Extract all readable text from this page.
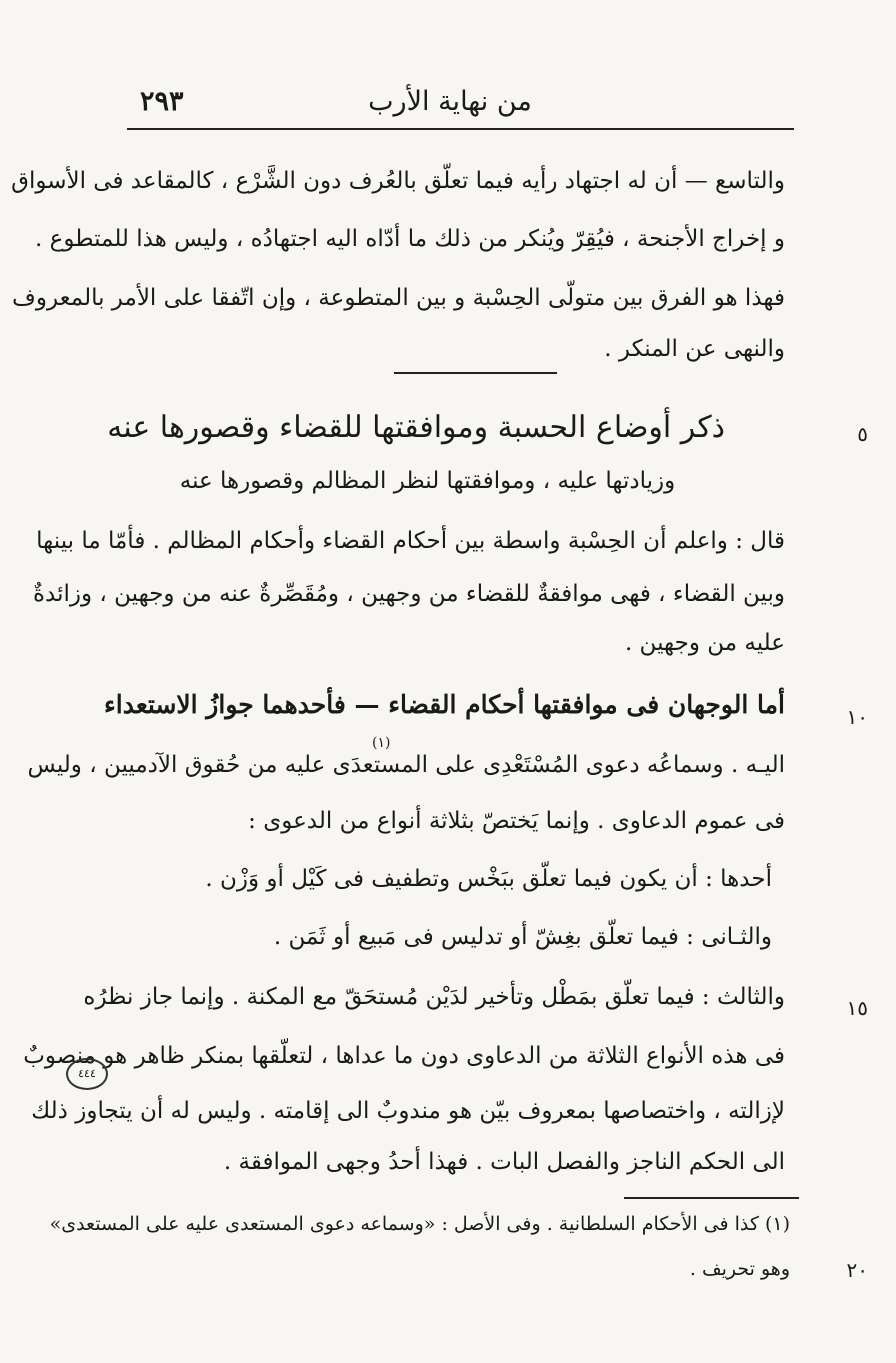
من نهاية الأرب
٢٩٣
والتاسع — أن له اجتهاد رأيه فيما تعلّق بالعُرف دون الشَّرْع ، كالمقاعد فى الأسواق
و إخراج الأجنحة ، فيُقِرّ ويُنكر من ذلك ما أدّاه اليه اجتهادُه ، وليس هذا للمتطوع .
فهذا هو الفرق بين متولّى الحِسْبة و بين المتطوعة ، وإن اتّفقا على الأمر بالمعروف
والنهى عن المنكر .
٥
ذكر أوضاع الحسبة وموافقتها للقضاء وقصورها عنه
وزيادتها عليه ، وموافقتها لنظر المظالم وقصورها عنه
قال : واعلم أن الحِسْبة واسطة بين أحكام القضاء وأحكام المظالم . فأمّا ما بينها
وبين القضاء ، فهى موافقةٌ للقضاء من وجهين ، ومُقَصِّرةٌ عنه من وجهين ، وزائدةٌ
عليه من وجهين .
١٠
أما الوجهان فى موافقتها أحكام القضاء — فأحدهما جوازُ الاستعداء
(١)
اليـه . وسماعُه دعوى المُسْتَعْدِى على المستعدَى عليه من حُقوق الآدميين ، وليس
فى عموم الدعاوى . وإنما يَختصّ بثلاثة أنواع من الدعوى :
أحدها : أن يكون فيما تعلّق ببَخْس وتطفيف فى كَيْل أو وَزْن .
والثـانى : فيما تعلّق بغِشّ أو تدليس فى مَبيع أو ثَمَن .
١٥
والثالث : فيما تعلّق بمَطْل وتأخير لدَيْن مُستحَقّ مع المكنة . وإنما جاز نظرُه
فى هذه الأنواع الثلاثة من الدعاوى دون ما عداها ، لتعلّقها بمنكر ظاهر هو منصوبٌ
لإزالته ، واختصاصها بمعروف بيّن هو مندوبٌ الى إقامته . وليس له أن يتجاوز ذلك
الى الحكم الناجز والفصل البات . فهذا أحدُ وجهى الموافقة .
٤٤٤
(١) كذا فى الأحكام السلطانية . وفى الأصل : «وسماعه دعوى المستعدى عليه على المستعدى»
٢٠
وهو تحريف .
